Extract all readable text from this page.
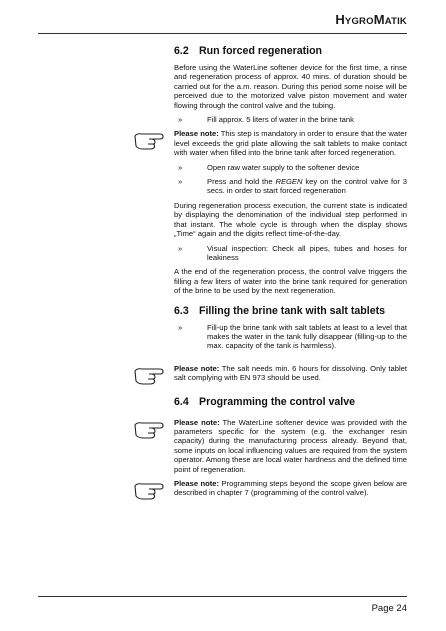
HYGROMATIK
6.2 Run forced regeneration

Before using the WaterLine softener device for the first time, a rinse and regeneration process of approx. 40 mins. of duration should be carried out for the a.m. reason. During this period some noise will be perceived due to the motorized valve piston movement and water flowing through the control valve and the tubing.

»	Fill approx. 5 liters of water in the brine tank

Please note: This step is mandatory in order to ensure that the water level exceeds the grid plate allowing the salt tablets to make contact with water when filled into the brine tank after forced regeneration.

»	Open raw water supply to the softener device

»	Press and hold the REGEN key on the control valve for 3 secs. in order to start forced regeneration

During regeneration process execution, the current state is indicated by displaying the denomination of the individual step performed in that instant. The whole cycle is through when the display shows „Time“ again and the digits reflect time-of-the-day.

»	Visual inspection: Check all pipes, tubes and hoses for leakiness

A the end of the regeneration process, the control valve triggers the filling a few liters of water into the brine tank required for generation of the brine to be used by the next regeneration.

6.3 Filling the brine tank with salt tablets

»	Fill-up the brine tank with salt tablets at least to a level that makes the water in the tank fully disappear (filling-up to the max. capacity of the tank is harmless).

Please note: The salt needs min. 6 hours for dissolving. Only tablet salt complying with EN 973 should be used.

6.4 Programming the control valve

Please note: The WaterLine softener device was provided with the parameters specific for the system (e.g. the exchanger resin capacity) during the manufacturing process already. Beyond that, some inputs on local influencing values are required from the system operator. Among these are local water hardness and the defined time point of regeneration.

Please note: Programming steps beyond the scope given below are described in chapter 7 (programming of the control valve).

Page 24
